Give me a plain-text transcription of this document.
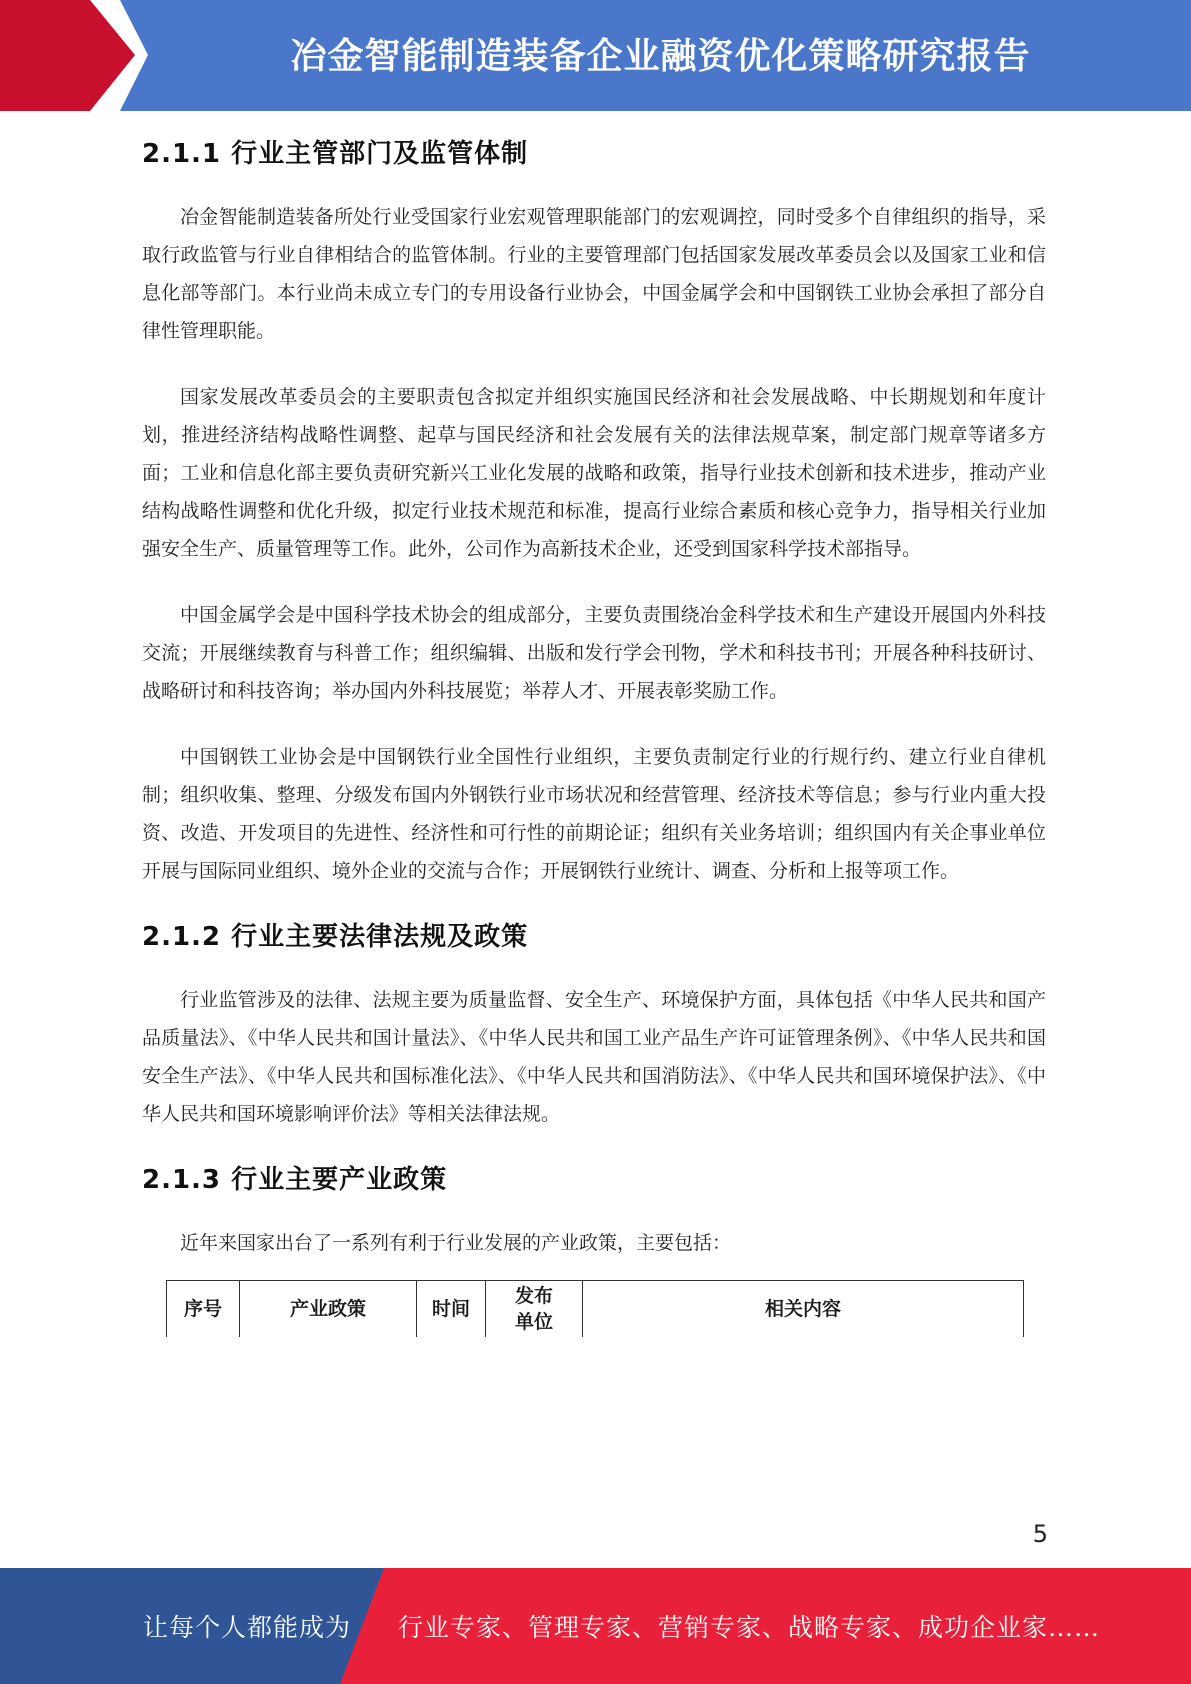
冶金智能制造装备企业融资优化策略研究报告
2.1.1 行业主管部门及监管体制

冶金智能制造装备所处行业受国家行业宏观管理职能部门的宏观调控，同时受多个自律组织的指导，采取行政监管与行业自律相结合的监管体制。行业的主要管理部门包括国家发展改革委员会以及国家工业和信息化部等部门。本行业尚未成立专门的专用设备行业协会，中国金属学会和中国钢铁工业协会承担了部分自律性管理职能。

国家发展改革委员会的主要职责包含拟定并组织实施国民经济和社会发展战略、中长期规划和年度计划，推进经济结构战略性调整、起草与国民经济和社会发展有关的法律法规草案，制定部门规章等诸多方面；工业和信息化部主要负责研究新兴工业化发展的战略和政策，指导行业技术创新和技术进步，推动产业结构战略性调整和优化升级，拟定行业技术规范和标准，提高行业综合素质和核心竞争力，指导相关行业加强安全生产、质量管理等工作。此外，公司作为高新技术企业，还受到国家科学技术部指导。

中国金属学会是中国科学技术协会的组成部分，主要负责围绕冶金科学技术和生产建设开展国内外科技交流；开展继续教育与科普工作；组织编辑、出版和发行学会刊物，学术和科技书刊；开展各种科技研讨、战略研讨和科技咨询；举办国内外科技展览；举荐人才、开展表彰奖励工作。

中国钢铁工业协会是中国钢铁行业全国性行业组织，主要负责制定行业的行规行约、建立行业自律机制；组织收集、整理、分级发布国内外钢铁行业市场状况和经营管理、经济技术等信息；参与行业内重大投资、改造、开发项目的先进性、经济性和可行性的前期论证；组织有关业务培训；组织国内有关企事业单位开展与国际同业组织、境外企业的交流与合作；开展钢铁行业统计、调查、分析和上报等项工作。

2.1.2 行业主要法律法规及政策

行业监管涉及的法律、法规主要为质量监督、安全生产、环境保护方面，具体包括《中华人民共和国产品质量法》、《中华人民共和国计量法》、《中华人民共和国工业产品生产许可证管理条例》、《中华人民共和国安全生产法》、《中华人民共和国标准化法》、《中华人民共和国消防法》、《中华人民共和国环境保护法》、《中华人民共和国环境影响评价法》等相关法律法规。

2.1.3 行业主要产业政策

近年来国家出台了一系列有利于行业发展的产业政策，主要包括：

序号	产业政策	时间	发布单位	相关内容
5
让每个人都能成为 行业专家、管理专家、营销专家、战略专家、成功企业家……
